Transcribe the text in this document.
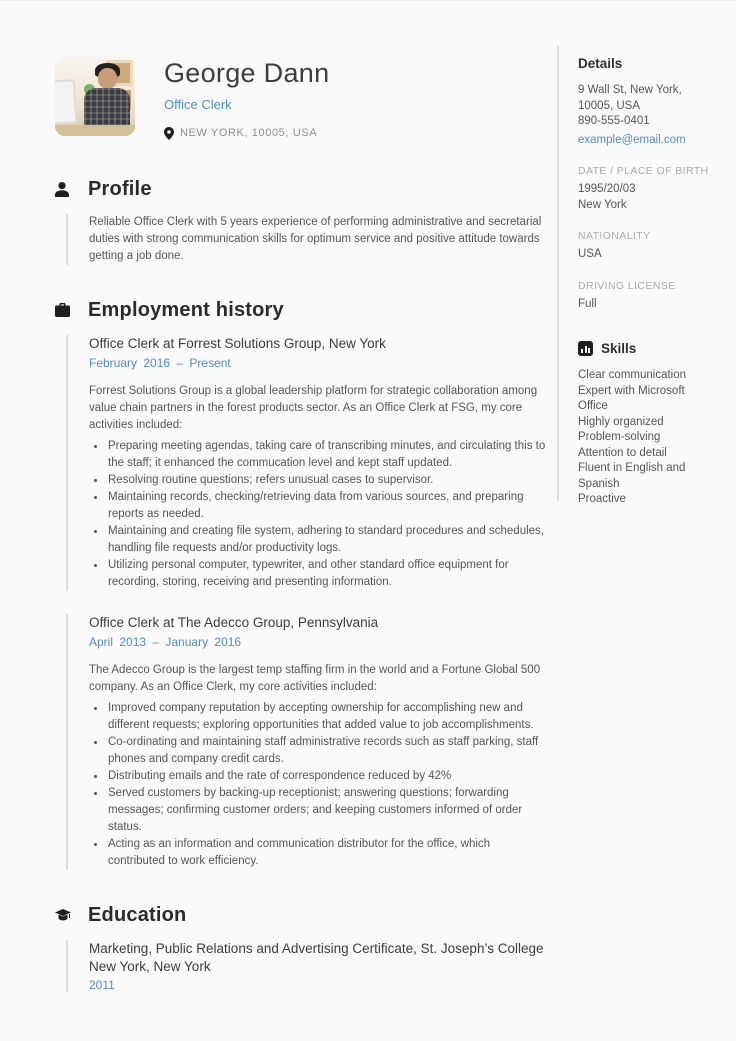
George Dann
Office Clerk
NEW YORK, 10005, USA
Profile

Reliable Office Clerk with 5 years experience of performing administrative and secretarial duties with strong communication skills for optimum service and positive attitude towards getting a job done.

Employment history
Office Clerk at Forrest Solutions Group, New York
February 2016 – Present

Forrest Solutions Group is a global leadership platform for strategic collaboration among value chain partners in the forest products sector. As an Office Clerk at FSG, my core activities included:

• Preparing meeting agendas, taking care of transcribing minutes, and circulating this to the staff; it enhanced the commucation level and kept staff updated.
• Resolving routine questions; refers unusual cases to supervisor.
• Maintaining records, checking/retrieving data from various sources, and preparing reports as needed.
• Maintaining and creating file system, adhering to standard procedures and schedules, handling file requests and/or productivity logs.
• Utilizing personal computer, typewriter, and other standard office equipment for recording, storing, receiving and presenting information.
Office Clerk at The Adecco Group, Pennsylvania
April 2013 – January 2016

The Adecco Group is the largest temp staffing firm in the world and a Fortune Global 500 company. As an Office Clerk, my core activities included:

• Improved company reputation by accepting ownership for accomplishing new and different requests; exploring opportunities that added value to job accomplishments.
• Co-ordinating and maintaining staff administrative records such as staff parking, staff phones and company credit cards.
• Distributing emails and the rate of correspondence reduced by 42%
• Served customers by backing-up receptionist; answering questions; forwarding messages; confirming customer orders; and keeping customers informed of order status.
• Acting as an information and communication distributor for the office, which contributed to work efficiency.
Education
Marketing, Public Relations and Advertising Certificate, St. Joseph’s College New York, New York
2011
Details
9 Wall St, New York,
10005, USA
890-555-0401
example@email.com
DATE / PLACE OF BIRTH
1995/20/03
New York
NATIONALITY
USA
DRIVING LICENSE
Full
Skills
Clear communication
Expert with Microsoft Office
Highly organized
Problem-solving
Attention to detail
Fluent in English and Spanish
Proactive
